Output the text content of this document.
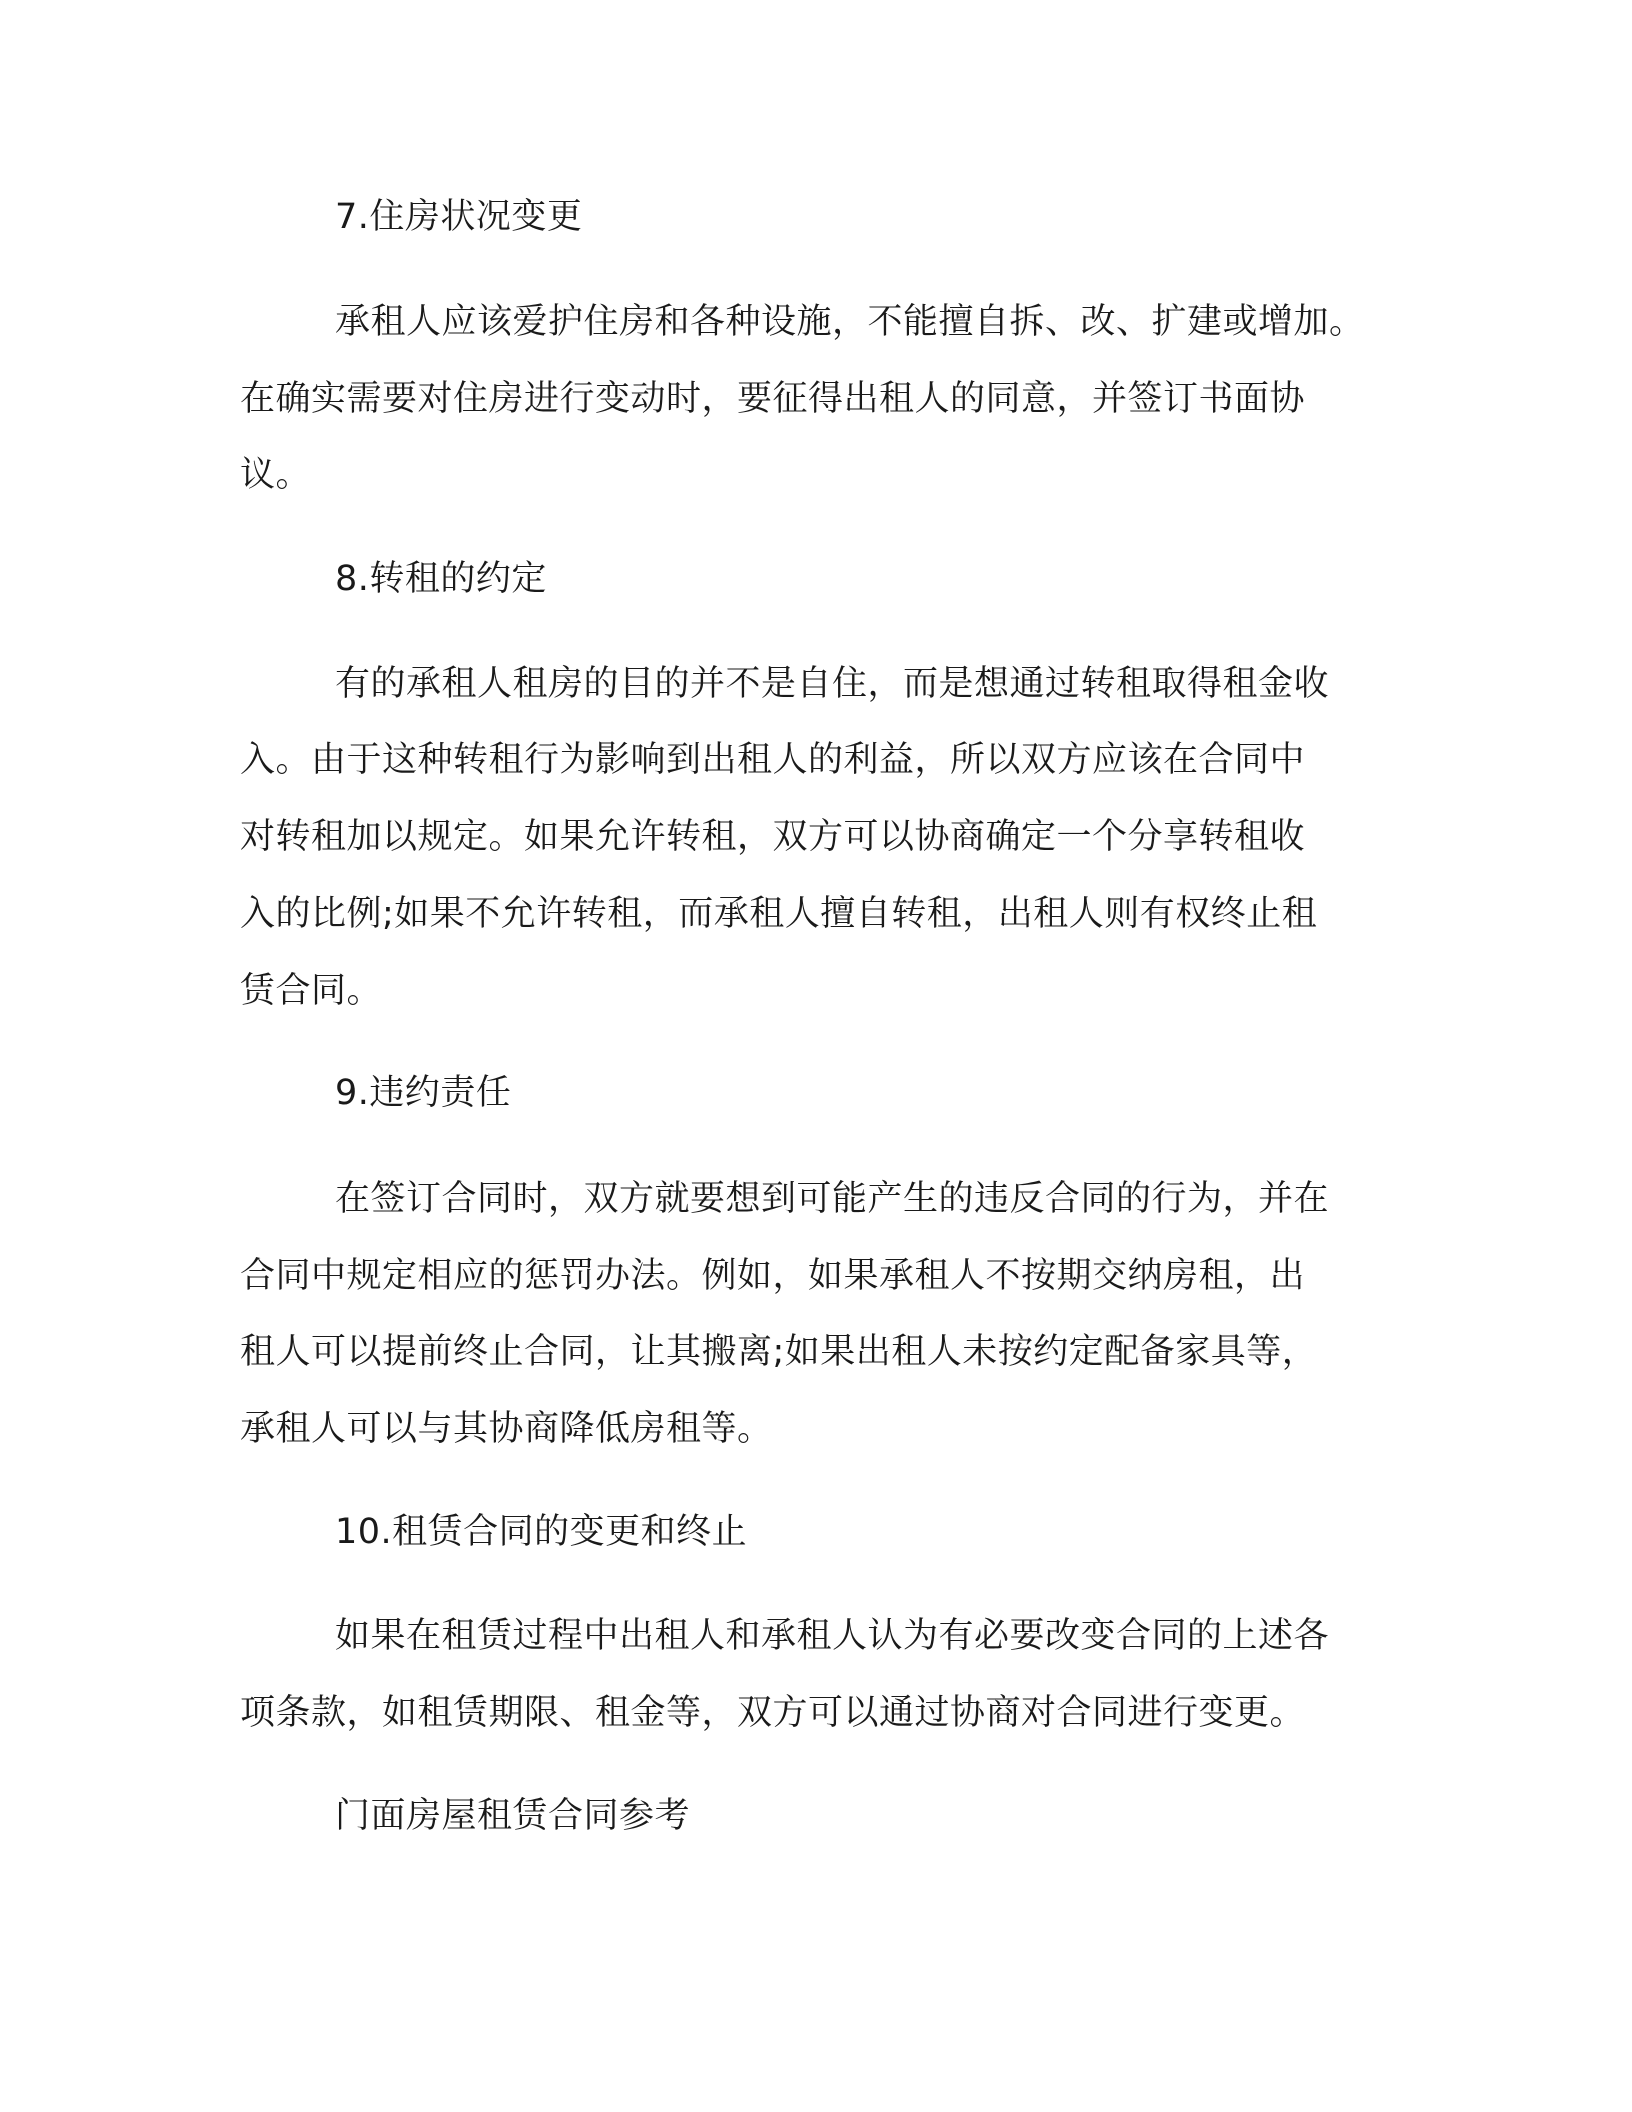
7.住房状况变更
承租人应该爱护住房和各种设施，不能擅自拆、改、扩建或增加。
在确实需要对住房进行变动时，要征得出租人的同意，并签订书面协
议。
8.转租的约定
有的承租人租房的目的并不是自住，而是想通过转租取得租金收
入。由于这种转租行为影响到出租人的利益，所以双方应该在合同中
对转租加以规定。如果允许转租，双方可以协商确定一个分享转租收
入的比例;如果不允许转租，而承租人擅自转租，出租人则有权终止租
赁合同。
9.违约责任
在签订合同时，双方就要想到可能产生的违反合同的行为，并在
合同中规定相应的惩罚办法。例如，如果承租人不按期交纳房租，出
租人可以提前终止合同，让其搬离;如果出租人未按约定配备家具等，
承租人可以与其协商降低房租等。
10.租赁合同的变更和终止
如果在租赁过程中出租人和承租人认为有必要改变合同的上述各
项条款，如租赁期限、租金等，双方可以通过协商对合同进行变更。
门面房屋租赁合同参考
